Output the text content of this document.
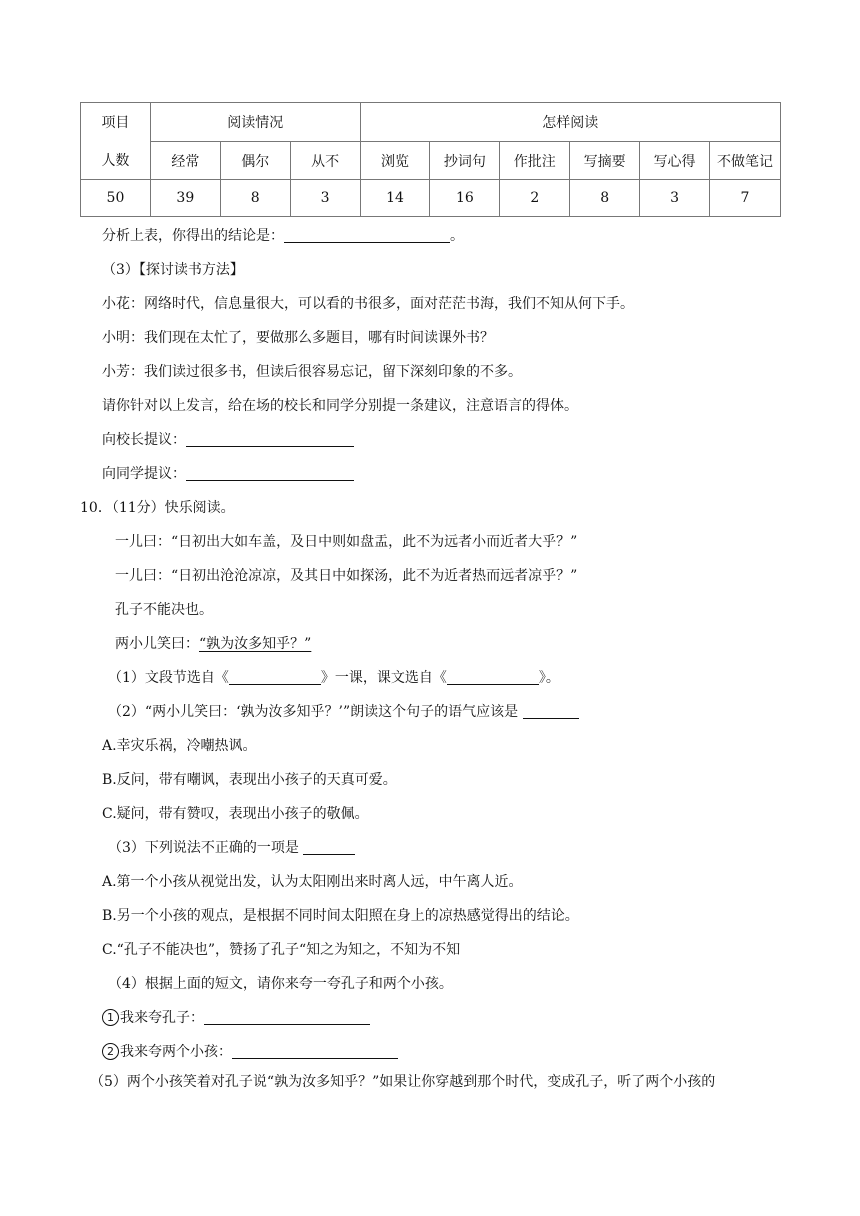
项目	阅读情况			怎样阅读					
人数	经常	偶尔	从不	浏览	抄词句	作批注	写摘要	写心得	不做笔记
50	39	8	3	14	16	2	8	3	7
分析上表，你得出的结论是：	。
（3）【探讨读书方法】
小花：网络时代，信息量很大，可以看的书很多，面对茫茫书海，我们不知从何下手。
小明：我们现在太忙了，要做那么多题目，哪有时间读课外书？
小芳：我们读过很多书，但读后很容易忘记，留下深刻印象的不多。
请你针对以上发言，给在场的校长和同学分别提一条建议，注意语言的得体。
向校长提议：
向同学提议：
10．（11分）快乐阅读。
一儿曰：“日初出大如车盖，及日中则如盘盂，此不为远者小而近者大乎？”
一儿曰：“日初出沧沧凉凉，及其日中如探汤，此不为近者热而远者凉乎？”
孔子不能决也。
两小儿笑曰：“孰为汝多知乎？”
（1）文段节选自《	》一课，课文选自《	》。
（2）“两小儿笑曰：‘孰为汝多知乎？’”朗读这个句子的语气应该是
A.幸灾乐祸，冷嘲热讽。
B.反问，带有嘲讽，表现出小孩子的天真可爱。
C.疑问，带有赞叹，表现出小孩子的敬佩。
（3）下列说法不正确的一项是
A.第一个小孩从视觉出发，认为太阳刚出来时离人远，中午离人近。
B.另一个小孩的观点，是根据不同时间太阳照在身上的凉热感觉得出的结论。
C.“孔子不能决也”，赞扬了孔子“知之为知之，不知为不知
（4）根据上面的短文，请你来夸一夸孔子和两个小孩。
1 我来夸孔子：
2 我来夸两个小孩：
（5）两个小孩笑着对孔子说“孰为汝多知乎？”如果让你穿越到那个时代，变成孔子，听了两个小孩的
